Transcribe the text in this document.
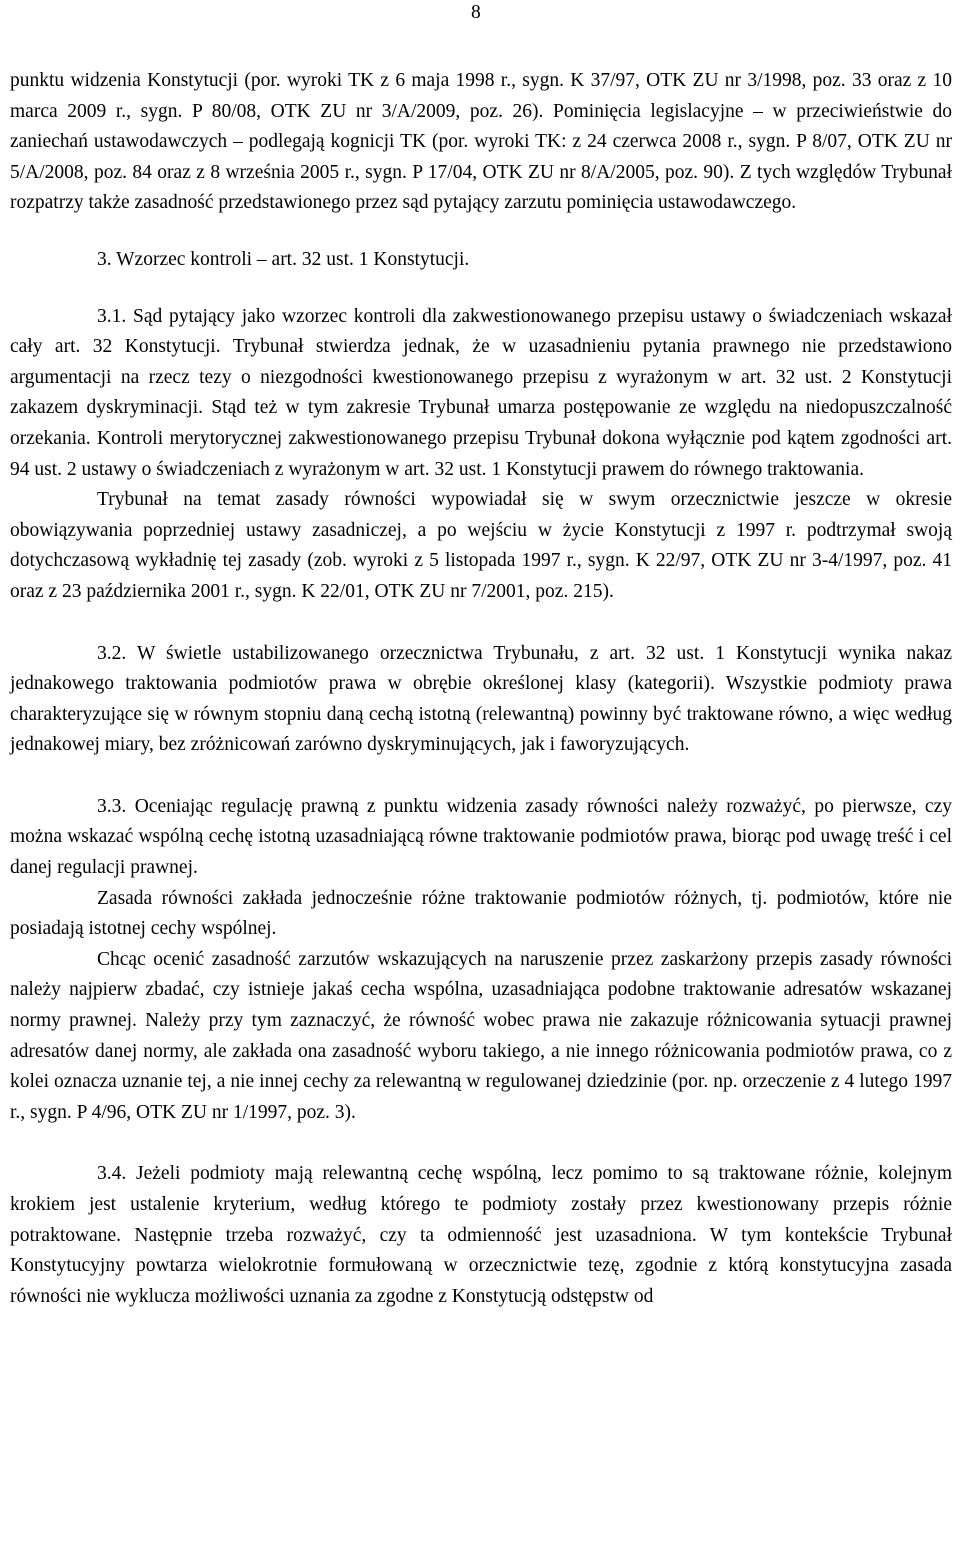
8

punktu widzenia Konstytucji (por. wyroki TK z 6 maja 1998 r., sygn. K 37/97, OTK ZU nr 3/1998, poz. 33 oraz z 10 marca 2009 r., sygn. P 80/08, OTK ZU nr 3/A/2009, poz. 26). Pominięcia legislacyjne – w przeciwieństwie do zaniechań ustawodawczych – podlegają kognicji TK (por. wyroki TK: z 24 czerwca 2008 r., sygn. P 8/07, OTK ZU nr 5/A/2008, poz. 84 oraz z 8 września 2005 r., sygn. P 17/04, OTK ZU nr 8/A/2005, poz. 90). Z tych względów Trybunał rozpatrzy także zasadność przedstawionego przez sąd pytający zarzutu pominięcia ustawodawczego.

3. Wzorzec kontroli – art. 32 ust. 1 Konstytucji.

3.1. Sąd pytający jako wzorzec kontroli dla zakwestionowanego przepisu ustawy o świadczeniach wskazał cały art. 32 Konstytucji. Trybunał stwierdza jednak, że w uzasadnieniu pytania prawnego nie przedstawiono argumentacji na rzecz tezy o niezgodności kwestionowanego przepisu z wyrażonym w art. 32 ust. 2 Konstytucji zakazem dyskryminacji. Stąd też w tym zakresie Trybunał umarza postępowanie ze względu na niedopuszczalność orzekania. Kontroli merytorycznej zakwestionowanego przepisu Trybunał dokona wyłącznie pod kątem zgodności art. 94 ust. 2 ustawy o świadczeniach z wyrażonym w art. 32 ust. 1 Konstytucji prawem do równego traktowania.

Trybunał na temat zasady równości wypowiadał się w swym orzecznictwie jeszcze w okresie obowiązywania poprzedniej ustawy zasadniczej, a po wejściu w życie Konstytucji z 1997 r. podtrzymał swoją dotychczasową wykładnię tej zasady (zob. wyroki z 5 listopada 1997 r., sygn. K 22/97, OTK ZU nr 3-4/1997, poz. 41 oraz z 23 października 2001 r., sygn. K 22/01, OTK ZU nr 7/2001, poz. 215).

3.2. W świetle ustabilizowanego orzecznictwa Trybunału, z art. 32 ust. 1 Konstytucji wynika nakaz jednakowego traktowania podmiotów prawa w obrębie określonej klasy (kategorii). Wszystkie podmioty prawa charakteryzujące się w równym stopniu daną cechą istotną (relewantną) powinny być traktowane równo, a więc według jednakowej miary, bez zróżnicowań zarówno dyskryminujących, jak i faworyzujących.

3.3. Oceniając regulację prawną z punktu widzenia zasady równości należy rozważyć, po pierwsze, czy można wskazać wspólną cechę istotną uzasadniającą równe traktowanie podmiotów prawa, biorąc pod uwagę treść i cel danej regulacji prawnej.

Zasada równości zakłada jednocześnie różne traktowanie podmiotów różnych, tj. podmiotów, które nie posiadają istotnej cechy wspólnej.

Chcąc ocenić zasadność zarzutów wskazujących na naruszenie przez zaskarżony przepis zasady równości należy najpierw zbadać, czy istnieje jakaś cecha wspólna, uzasadniająca podobne traktowanie adresatów wskazanej normy prawnej. Należy przy tym zaznaczyć, że równość wobec prawa nie zakazuje różnicowania sytuacji prawnej adresatów danej normy, ale zakłada ona zasadność wyboru takiego, a nie innego różnicowania podmiotów prawa, co z kolei oznacza uznanie tej, a nie innej cechy za relewantną w regulowanej dziedzinie (por. np. orzeczenie z 4 lutego 1997 r., sygn. P 4/96, OTK ZU nr 1/1997, poz. 3).

3.4. Jeżeli podmioty mają relewantną cechę wspólną, lecz pomimo to są traktowane różnie, kolejnym krokiem jest ustalenie kryterium, według którego te podmioty zostały przez kwestionowany przepis różnie potraktowane. Następnie trzeba rozważyć, czy ta odmienność jest uzasadniona. W tym kontekście Trybunał Konstytucyjny powtarza wielokrotnie formułowaną w orzecznictwie tezę, zgodnie z którą konstytucyjna zasada równości nie wyklucza możliwości uznania za zgodne z Konstytucją odstępstw od
